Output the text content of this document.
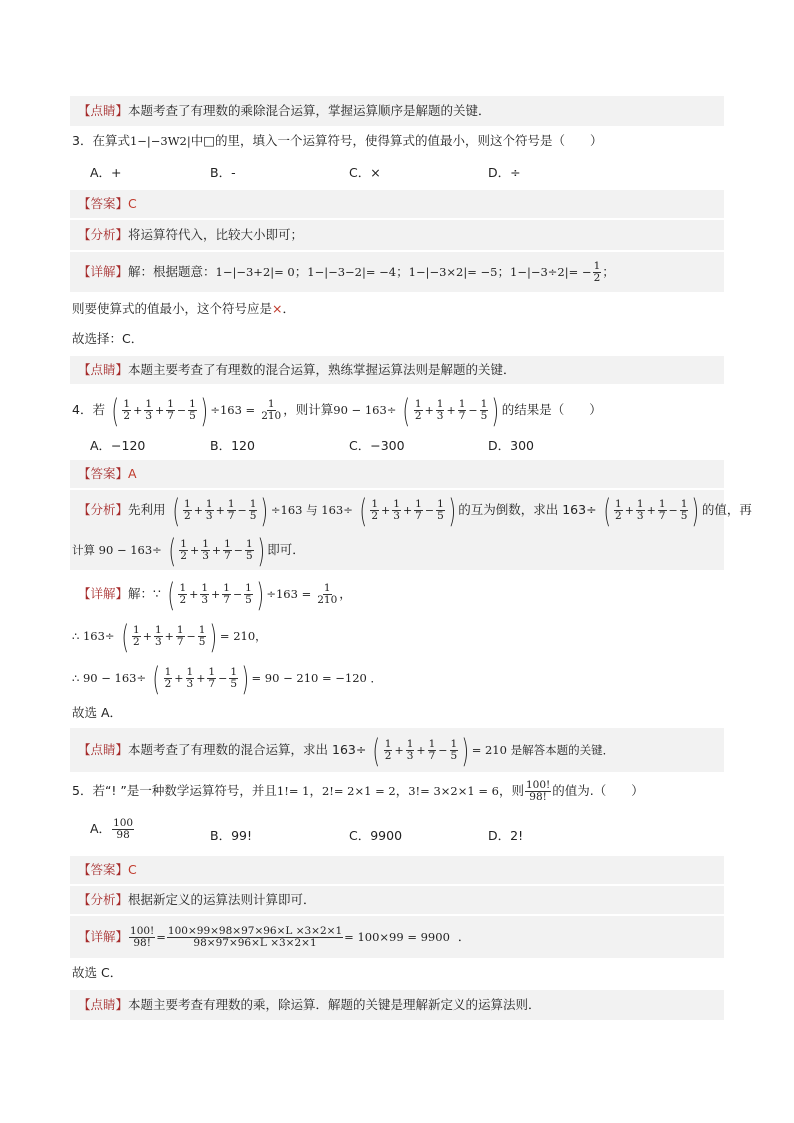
【点睛】本题考查了有理数的乘除混合运算，掌握运算顺序是解题的关键．
3．在算式1−|−3W2|中□的里，填入一个运算符号，使得算式的值最小，则这个符号是（　　）
A．+	B．-	C．×	D．÷
【答案】C
【分析】将运算符代入，比较大小即可；
【详解】解：根据题意：1−|−3+2|= 0；1−|−3−2|= −4；1−|−3×2|= −5；$1-|-3\div 2|= - \frac{1}{2}$ ；
则要使算式的值最小，这个符号应是×．
故选择：C．
【点睛】本题主要考查了有理数的混合运算，熟练掌握运算法则是解题的关键．
4．若 ( $\frac{1}{2} + \frac{1}{3} + \frac{1}{7} - \frac{1}{5}$ ) $\div 163 = \frac{1}{210}$ ，则计算90 − 163÷ ( $\frac{1}{2} + \frac{1}{3} + \frac{1}{7} - \frac{1}{5}$ ) 的结果是（　　）
A．−120	B．120	C．−300	D．300
【答案】A
【分析】先利用 ( $\frac{1}{2} + \frac{1}{3} + \frac{1}{7} - \frac{1}{5}$ ) ÷163 与 163÷ ( $\frac{1}{2} + \frac{1}{3} + \frac{1}{7} - \frac{1}{5}$ ) 的互为倒数，求出 163÷ ( $\frac{1}{2} + \frac{1}{3} + \frac{1}{7} - \frac{1}{5}$ ) 的值，再
计算 90 − 163÷ ( $\frac{1}{2} + \frac{1}{3} + \frac{1}{7} - \frac{1}{5}$ ) 即可．
【详解】解：∵ ( $\frac{1}{2} + \frac{1}{3} + \frac{1}{7} - \frac{1}{5}$ ) $\div 163 = \frac{1}{210}$ ，
∴ 163÷ ( $\frac{1}{2} + \frac{1}{3} + \frac{1}{7} - \frac{1}{5}$ ) = 210，
∴ 90 − 163÷ ( $\frac{1}{2} + \frac{1}{3} + \frac{1}{7} - \frac{1}{5}$ ) = 90 − 210 = −120 ．
故选 A．
【点睛】本题考查了有理数的混合运算，求出 163÷ ( $\frac{1}{2} + \frac{1}{3} + \frac{1}{7} - \frac{1}{5}$ ) = 210 是解答本题的关键．
5．若“! ”是一种数学运算符号，并且1!= 1，2!= 2×1 = 2，3!= 3×2×1 = 6，则 $\frac{100!}{98!}$ 的值为.（　　）
A． $\frac{100}{98}$	B．99!	C．9900	D．2!
【答案】C
【分析】根据新定义的运算法则计算即可．
【详解】 $\frac{100!}{98!} = \frac{100\times 99\times 98\times 97\times 96\times L \times 3\times 2\times 1}{98\times 97\times 96\times L \times 3\times 2\times 1} = 100\times 99 = 9900$ ．
故选 C．
【点睛】本题主要考查有理数的乘，除运算．解题的关键是理解新定义的运算法则．
